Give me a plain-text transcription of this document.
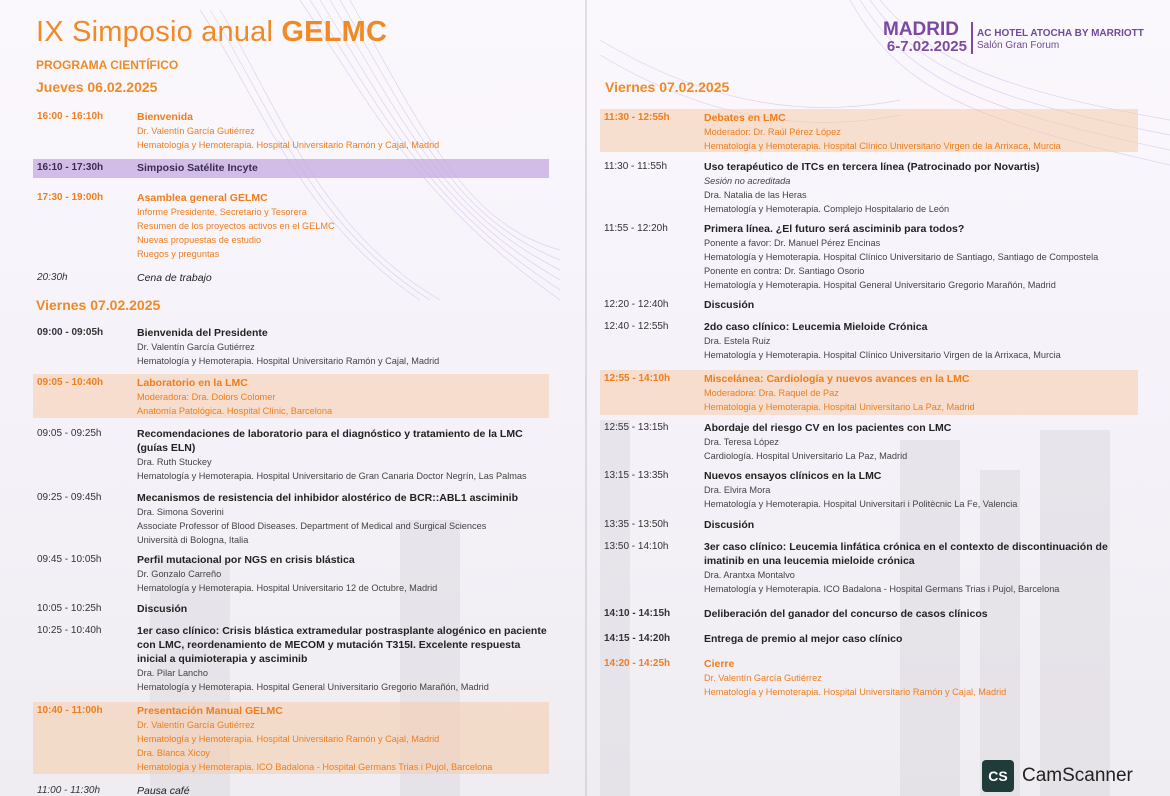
IX Simposio anual GELMC
PROGRAMA CIENTÍFICO
MADRID
6-7.02.2025
AC HOTEL ATOCHA BY MARRIOTT
Salón Gran Forum
Jueves 06.02.2025
16:00 - 16:10h	Bienvenida
Dr. Valentín García Gutiérrez
Hematología y Hemoterapia. Hospital Universitario Ramón y Cajal, Madrid
16:10 - 17:30h	Simposio Satélite Incyte
17:30 - 19:00h	Asamblea general GELMC
Informe Presidente, Secretario y Tesorera
Resumen de los proyectos activos en el GELMC
Nuevas propuestas de estudio
Ruegos y preguntas
20:30h	Cena de trabajo
Viernes 07.02.2025
09:00 - 09:05h	Bienvenida del Presidente
Dr. Valentín García Gutiérrez
Hematología y Hemoterapia. Hospital Universitario Ramón y Cajal, Madrid
09:05 - 10:40h	Laboratorio en la LMC
Moderadora: Dra. Dolors Colomer
Anatomía Patológica. Hospital Clínic, Barcelona
09:05 - 09:25h	Recomendaciones de laboratorio para el diagnóstico y tratamiento de la LMC (guías ELN)
Dra. Ruth Stuckey
Hematología y Hemoterapia. Hospital Universitario de Gran Canaria Doctor Negrín, Las Palmas
09:25 - 09:45h	Mecanismos de resistencia del inhibidor alostérico de BCR::ABL1 asciminib
Dra. Simona Soverini
Associate Professor of Blood Diseases. Department of Medical and Surgical Sciences
Università di Bologna, Italia
09:45 - 10:05h	Perfil mutacional por NGS en crisis blástica
Dr. Gonzalo Carreño
Hematología y Hemoterapia. Hospital Universitario 12 de Octubre, Madrid
10:05 - 10:25h	Discusión
10:25 - 10:40h	1er caso clínico: Crisis blástica extramedular postrasplante alogénico en paciente con LMC, reordenamiento de MECOM y mutación T315I. Excelente respuesta inicial a quimioterapia y asciminib
Dra. Pilar Lancho
Hematología y Hemoterapia. Hospital General Universitario Gregorio Marañón, Madrid
10:40 - 11:00h	Presentación Manual GELMC
Dr. Valentín García Gutiérrez
Hematología y Hemoterapia. Hospital Universitario Ramón y Cajal, Madrid
Dra. Blanca Xicoy
Hematología y Hemoterapia. ICO Badalona - Hospital Germans Trias i Pujol, Barcelona
11:00 - 11:30h	Pausa café
Viernes 07.02.2025
11:30 - 12:55h	Debates en LMC
Moderador: Dr. Raúl Pérez López
Hematología y Hemoterapia. Hospital Clínico Universitario Virgen de la Arrixaca, Murcia
11:30 - 11:55h	Uso terapéutico de ITCs en tercera línea (Patrocinado por Novartis)
Sesión no acreditada
Dra. Natalia de las Heras
Hematología y Hemoterapia. Complejo Hospitalario de León
11:55 - 12:20h	Primera línea. ¿El futuro será asciminib para todos?
Ponente a favor: Dr. Manuel Pérez Encinas
Hematología y Hemoterapia. Hospital Clínico Universitario de Santiago, Santiago de Compostela
Ponente en contra: Dr. Santiago Osorio
Hematología y Hemoterapia. Hospital General Universitario Gregorio Marañón, Madrid
12:20 - 12:40h	Discusión
12:40 - 12:55h	2do caso clínico: Leucemia Mieloide Crónica
Dra. Estela Ruiz
Hematología y Hemoterapia. Hospital Clínico Universitario Virgen de la Arrixaca, Murcia
12:55 - 14:10h	Miscelánea: Cardiología y nuevos avances en la LMC
Moderadora: Dra. Raquel de Paz
Hematología y Hemoterapia. Hospital Universitario La Paz, Madrid
12:55 - 13:15h	Abordaje del riesgo CV en los pacientes con LMC
Dra. Teresa López
Cardiología. Hospital Universitario La Paz, Madrid
13:15 - 13:35h	Nuevos ensayos clínicos en la LMC
Dra. Elvira Mora
Hematología y Hemoterapia. Hospital Universitari i Politècnic La Fe, Valencia
13:35 - 13:50h	Discusión
13:50 - 14:10h	3er caso clínico: Leucemia linfática crónica en el contexto de discontinuación de imatinib en una leucemia mieloide crónica
Dra. Arantxa Montalvo
Hematología y Hemoterapia. ICO Badalona - Hospital Germans Trias i Pujol, Barcelona
14:10 - 14:15h	Deliberación del ganador del concurso de casos clínicos
14:15 - 14:20h	Entrega de premio al mejor caso clínico
14:20 - 14:25h	Cierre
Dr. Valentín García Gutiérrez
Hematología y Hemoterapia. Hospital Universitario Ramón y Cajal, Madrid
CS CamScanner
